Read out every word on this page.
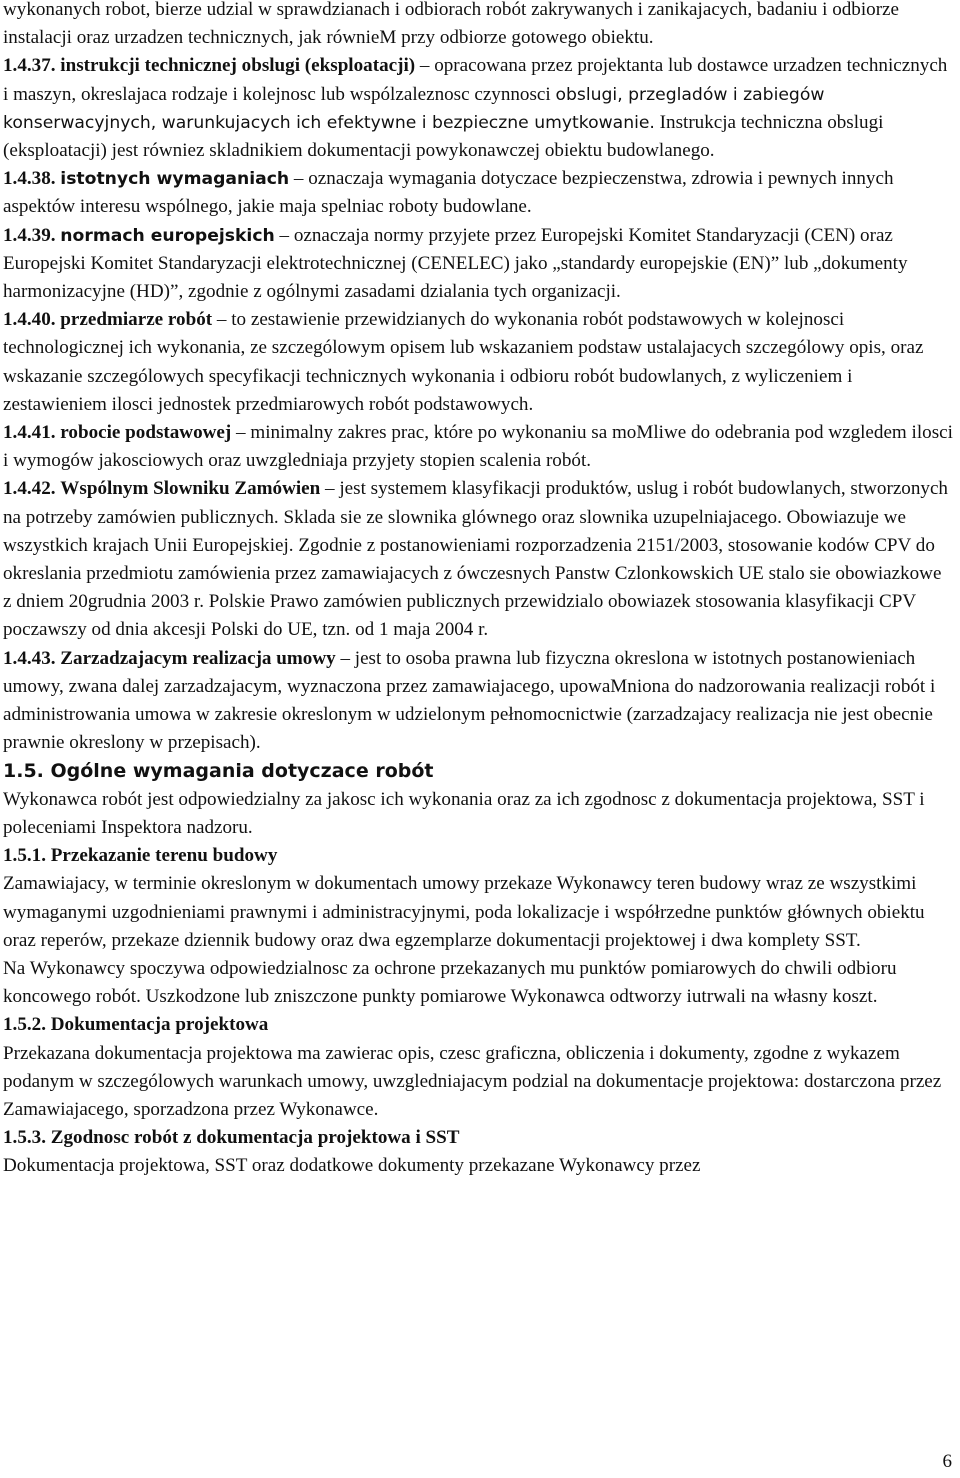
wykonanych robot, bierze udzial w sprawdzianach i odbiorach robót zakrywanych i zanikajacych, badaniu i odbiorze instalacji oraz urzadzen technicznych, jak równieM przy odbiorze gotowego obiektu.

1.4.37. instrukcji technicznej obslugi (eksploatacji) – opracowana przez projektanta lub dostawce urzadzen technicznych i maszyn, okreslajaca rodzaje i kolejnosc lub wspólzaleznosc czynnosci obslugi, przegladów i zabiegów konserwacyjnych, warunkujacych ich efektywne i bezpieczne umytkowanie. Instrukcja techniczna obslugi (eksploatacji) jest równiez skladnikiem dokumentacji powykonawczej obiektu budowlanego.

1.4.38. istotnych wymaganiach – oznaczaja wymagania dotyczace bezpieczenstwa, zdrowia i pewnych innych aspektów interesu wspólnego, jakie maja spelniac roboty budowlane.

1.4.39. normach europejskich – oznaczaja normy przyjete przez Europejski Komitet Standaryzacji (CEN) oraz Europejski Komitet Standaryzacji elektrotechnicznej (CENELEC) jako „standardy europejskie (EN)” lub „dokumenty harmonizacyjne (HD)”, zgodnie z ogólnymi zasadami dzialania tych organizacji.

1.4.40. przedmiarze robót – to zestawienie przewidzianych do wykonania robót podstawowych w kolejnosci technologicznej ich wykonania, ze szczególowym opisem lub wskazaniem podstaw ustalajacych szczególowy opis, oraz wskazanie szczególowych specyfikacji technicznych wykonania i odbioru robót budowlanych, z wyliczeniem i zestawieniem ilosci jednostek przedmiarowych robót podstawowych.

1.4.41. robocie podstawowej – minimalny zakres prac, które po wykonaniu sa moMliwe do odebrania pod wzgledem ilosci i wymogów jakosciowych oraz uwzgledniaja przyjety stopien scalenia robót.

1.4.42. Wspólnym Slowniku Zamówien – jest systemem klasyfikacji produktów, uslug i robót budowlanych, stworzonych na potrzeby zamówien publicznych. Sklada sie ze slownika glównego oraz slownika uzupelniajacego. Obowiazuje we wszystkich krajach Unii Europejskiej. Zgodnie z postanowieniami rozporzadzenia 2151/2003, stosowanie kodów CPV do okreslania przedmiotu zamówienia przez zamawiajacych z ówczesnych Panstw Czlonkowskich UE stalo sie obowiazkowe z dniem 20grudnia 2003 r. Polskie Prawo zamówien publicznych przewidzialo obowiazek stosowania klasyfikacji CPV poczawszy od dnia akcesji Polski do UE, tzn. od 1 maja 2004 r.

1.4.43. Zarzadzajacym realizacja umowy – jest to osoba prawna lub fizyczna okreslona w istotnych postanowieniach umowy, zwana dalej zarzadzajacym, wyznaczona przez zamawiajacego, upowaMniona do nadzorowania realizacji robót i administrowania umowa w zakresie okreslonym w udzielonym pełnomocnictwie (zarzadzajacy realizacja nie jest obecnie prawnie okreslony w przepisach).

1.5. Ogólne wymagania dotyczace robót

Wykonawca robót jest odpowiedzialny za jakosc ich wykonania oraz za ich zgodnosc z dokumentacja projektowa, SST i poleceniami Inspektora nadzoru.

1.5.1. Przekazanie terenu budowy

Zamawiajacy, w terminie okreslonym w dokumentach umowy przekaze Wykonawcy teren budowy wraz ze wszystkimi wymaganymi uzgodnieniami prawnymi i administracyjnymi, poda lokalizacje i współrzedne punktów głównych obiektu oraz reperów, przekaze dziennik budowy oraz dwa egzemplarze dokumentacji projektowej i dwa komplety SST.

Na Wykonawcy spoczywa odpowiedzialnosc za ochrone przekazanych mu punktów pomiarowych do chwili odbioru koncowego robót. Uszkodzone lub zniszczone punkty pomiarowe Wykonawca odtworzy iutrwali na własny koszt.

1.5.2. Dokumentacja projektowa

Przekazana dokumentacja projektowa ma zawierac opis, czesc graficzna, obliczenia i dokumenty, zgodne z wykazem podanym w szczególowych warunkach umowy, uwzgledniajacym podzial na dokumentacje projektowa: dostarczona przez Zamawiajacego, sporzadzona przez Wykonawce.

1.5.3. Zgodnosc robót z dokumentacja projektowa i SST

Dokumentacja projektowa, SST oraz dodatkowe dokumenty przekazane Wykonawcy przez

6
